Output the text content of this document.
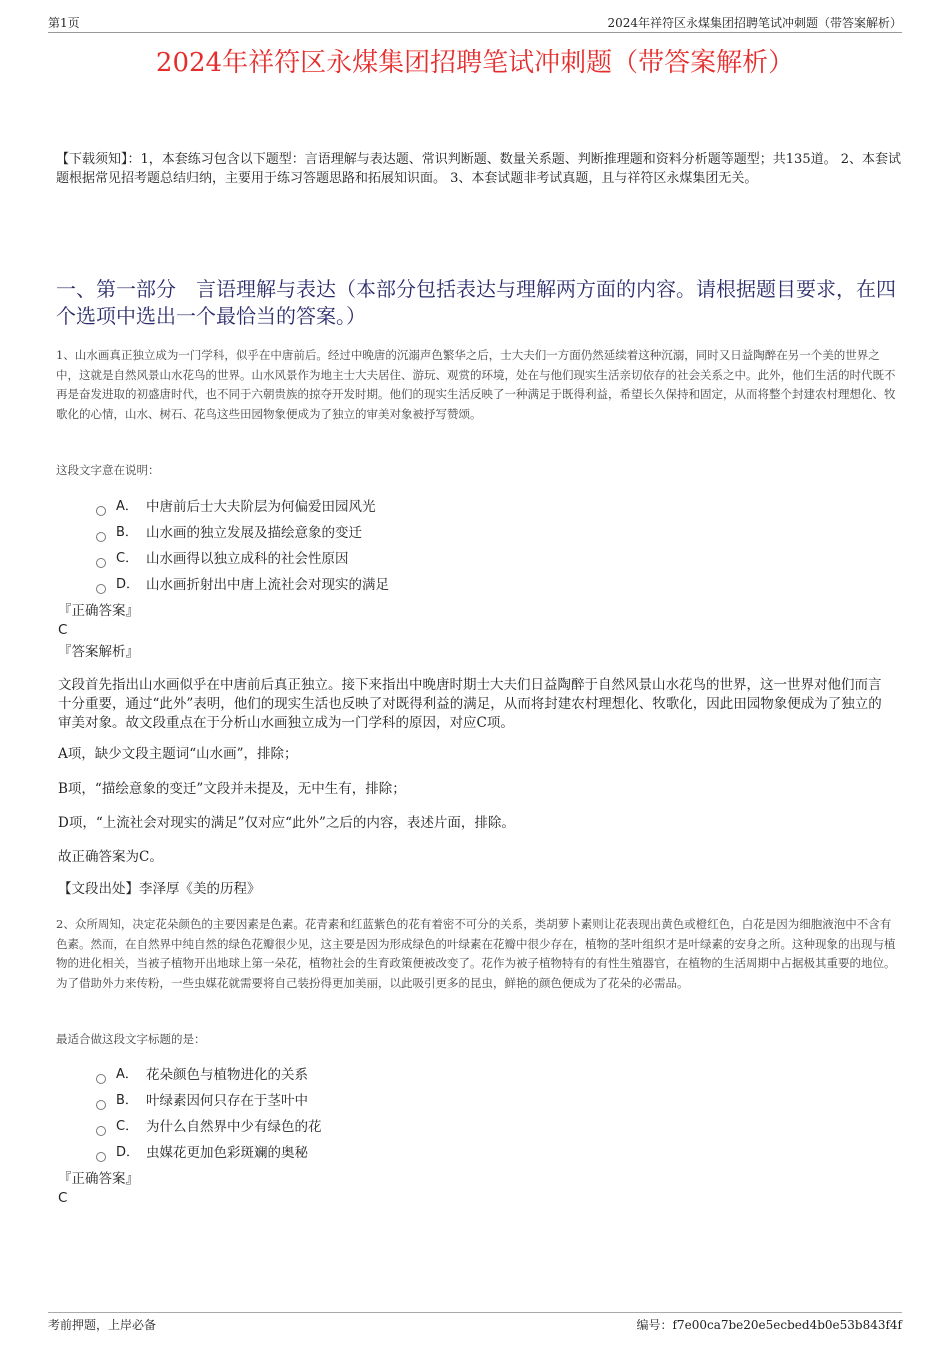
第1页	2024年祥符区永煤集团招聘笔试冲刺题（带答案解析）
2024年祥符区永煤集团招聘笔试冲刺题（带答案解析）
【下载须知】：1，本套练习包含以下题型：言语理解与表达题、常识判断题、数量关系题、判断推理题和资料分析题等题型；共135道。 2、本套试题根据常见招考题总结归纳，主要用于练习答题思路和拓展知识面。 3、本套试题非考试真题，且与祥符区永煤集团无关。
一、第一部分　言语理解与表达（本部分包括表达与理解两方面的内容。请根据题目要求，在四个选项中选出一个最恰当的答案。）
1、山水画真正独立成为一门学科，似乎在中唐前后。经过中晚唐的沉溺声色繁华之后，士大夫们一方面仍然延续着这种沉溺，同时又日益陶醉在另一个美的世界之中，这就是自然风景山水花鸟的世界。山水风景作为地主士大夫居住、游玩、观赏的环境，处在与他们现实生活亲切依存的社会关系之中。此外，他们生活的时代既不再是奋发进取的初盛唐时代，也不同于六朝贵族的掠夺开发时期。他们的现实生活反映了一种满足于既得利益，希望长久保持和固定，从而将整个封建农村理想化、牧歌化的心情，山水、树石、花鸟这些田园物象便成为了独立的审美对象被抒写赞颂。
这段文字意在说明：
A． 中唐前后士大夫阶层为何偏爱田园风光
B． 山水画的独立发展及描绘意象的变迁
C． 山水画得以独立成科的社会性原因
D． 山水画折射出中唐上流社会对现实的满足
『正确答案』
C
『答案解析』
文段首先指出山水画似乎在中唐前后真正独立。接下来指出中晚唐时期士大夫们日益陶醉于自然风景山水花鸟的世界，这一世界对他们而言十分重要，通过“此外”表明，他们的现实生活也反映了对既得利益的满足，从而将封建农村理想化、牧歌化，因此田园物象便成为了独立的审美对象。故文段重点在于分析山水画独立成为一门学科的原因，对应C项。
A项，缺少文段主题词“山水画”，排除；
B项，“描绘意象的变迁”文段并未提及，无中生有，排除；
D项，“上流社会对现实的满足”仅对应“此外”之后的内容，表述片面，排除。
故正确答案为C。
【文段出处】李泽厚《美的历程》
2、众所周知，决定花朵颜色的主要因素是色素。花青素和红蓝紫色的花有着密不可分的关系，类胡萝卜素则让花表现出黄色或橙红色，白花是因为细胞液泡中不含有色素。然而，在自然界中纯自然的绿色花瓣很少见，这主要是因为形成绿色的叶绿素在花瓣中很少存在，植物的茎叶组织才是叶绿素的安身之所。这种现象的出现与植物的进化相关，当被子植物开出地球上第一朵花，植物社会的生育政策便被改变了。花作为被子植物特有的有性生殖器官，在植物的生活周期中占据极其重要的地位。为了借助外力来传粉，一些虫媒花就需要将自己装扮得更加美丽，以此吸引更多的昆虫，鲜艳的颜色便成为了花朵的必需品。
最适合做这段文字标题的是：
A． 花朵颜色与植物进化的关系
B． 叶绿素因何只存在于茎叶中
C． 为什么自然界中少有绿色的花
D． 虫媒花更加色彩斑斓的奥秘
『正确答案』
C
考前押题，上岸必备	编号：f7e00ca7be20e5ecbed4b0e53b843f4f
